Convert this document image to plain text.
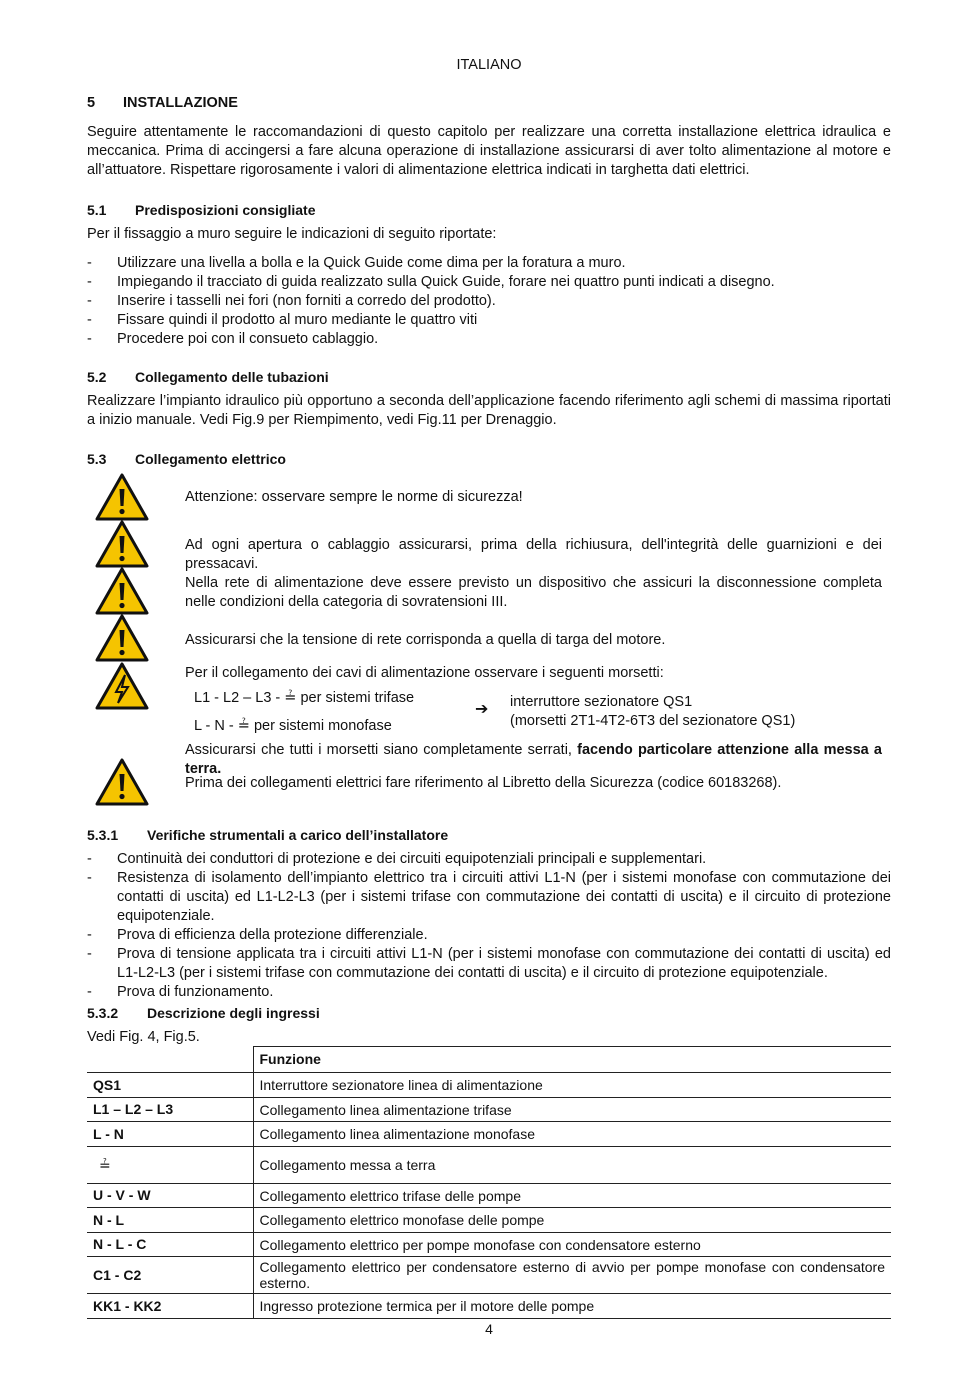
ITALIANO
5 INSTALLAZIONE
Seguire attentamente le raccomandazioni di questo capitolo per realizzare una corretta installazione elettrica idraulica e meccanica. Prima di accingersi a fare alcuna operazione di installazione assicurarsi di aver tolto alimentazione al motore e all’attuatore. Rispettare rigorosamente i valori di alimentazione elettrica indicati in targhetta dati elettrici.
5.1 Predisposizioni consigliate
Per il fissaggio a muro seguire le indicazioni di seguito riportate:
- Utilizzare una livella a bolla e la Quick Guide come dima per la foratura a muro.
- Impiegando il tracciato di guida realizzato sulla Quick Guide, forare nei quattro punti indicati a disegno.
- Inserire i tasselli nei fori (non forniti a corredo del prodotto).
- Fissare quindi il prodotto al muro mediante le quattro viti
- Procedere poi con il consueto cablaggio.
5.2 Collegamento delle tubazioni
Realizzare l’impianto idraulico più opportuno a seconda dell’applicazione facendo riferimento agli schemi di massima riportati a inizio manuale. Vedi Fig.9 per Riempimento, vedi Fig.11 per Drenaggio.
5.3 Collegamento elettrico
Attenzione: osservare sempre le norme di sicurezza!
Ad ogni apertura o cablaggio assicurarsi, prima della richiusura, dell'integrità delle guarnizioni e dei pressacavi.
Nella rete di alimentazione deve essere previsto un dispositivo che assicuri la disconnessione completa nelle condizioni della categoria di sovratensioni III.
Assicurarsi che la tensione di rete corrisponda a quella di targa del motore.
Per il collegamento dei cavi di alimentazione osservare i seguenti morsetti:
L1 - L2 – L3 - ≟ per sistemi trifase
L - N - ≟ per sistemi monofase
➔ interruttore sezionatore QS1
(morsetti 2T1-4T2-6T3 del sezionatore QS1)
Assicurarsi che tutti i morsetti siano completamente serrati, facendo particolare attenzione alla messa a terra.
Prima dei collegamenti elettrici fare riferimento al Libretto della Sicurezza (codice 60183268).
5.3.1 Verifiche strumentali a carico dell’installatore
- Continuità dei conduttori di protezione e dei circuiti equipotenziali principali e supplementari.
- Resistenza di isolamento dell’impianto elettrico tra i circuiti attivi L1-N (per i sistemi monofase con commutazione dei contatti di uscita) ed L1-L2-L3 (per i sistemi trifase con commutazione dei contatti di uscita) e il circuito di protezione equipotenziale.
- Prova di efficienza della protezione differenziale.
- Prova di tensione applicata tra i circuiti attivi L1-N (per i sistemi monofase con commutazione dei contatti di uscita) ed L1-L2-L3 (per i sistemi trifase con commutazione dei contatti di uscita) e il circuito di protezione equipotenziale.
- Prova di funzionamento.
5.3.2 Descrizione degli ingressi
Vedi Fig. 4, Fig.5.
	Funzione
QS1	Interruttore sezionatore linea di alimentazione
L1 – L2 – L3	Collegamento linea alimentazione trifase
L - N	Collegamento linea alimentazione monofase
≟	Collegamento messa a terra
U - V - W	Collegamento elettrico trifase delle pompe
N - L	Collegamento elettrico monofase delle pompe
N - L - C	Collegamento elettrico per pompe monofase con condensatore esterno
C1 - C2	Collegamento elettrico per condensatore esterno di avvio per pompe monofase con condensatore esterno.
KK1 - KK2	Ingresso protezione termica per il motore delle pompe
4
